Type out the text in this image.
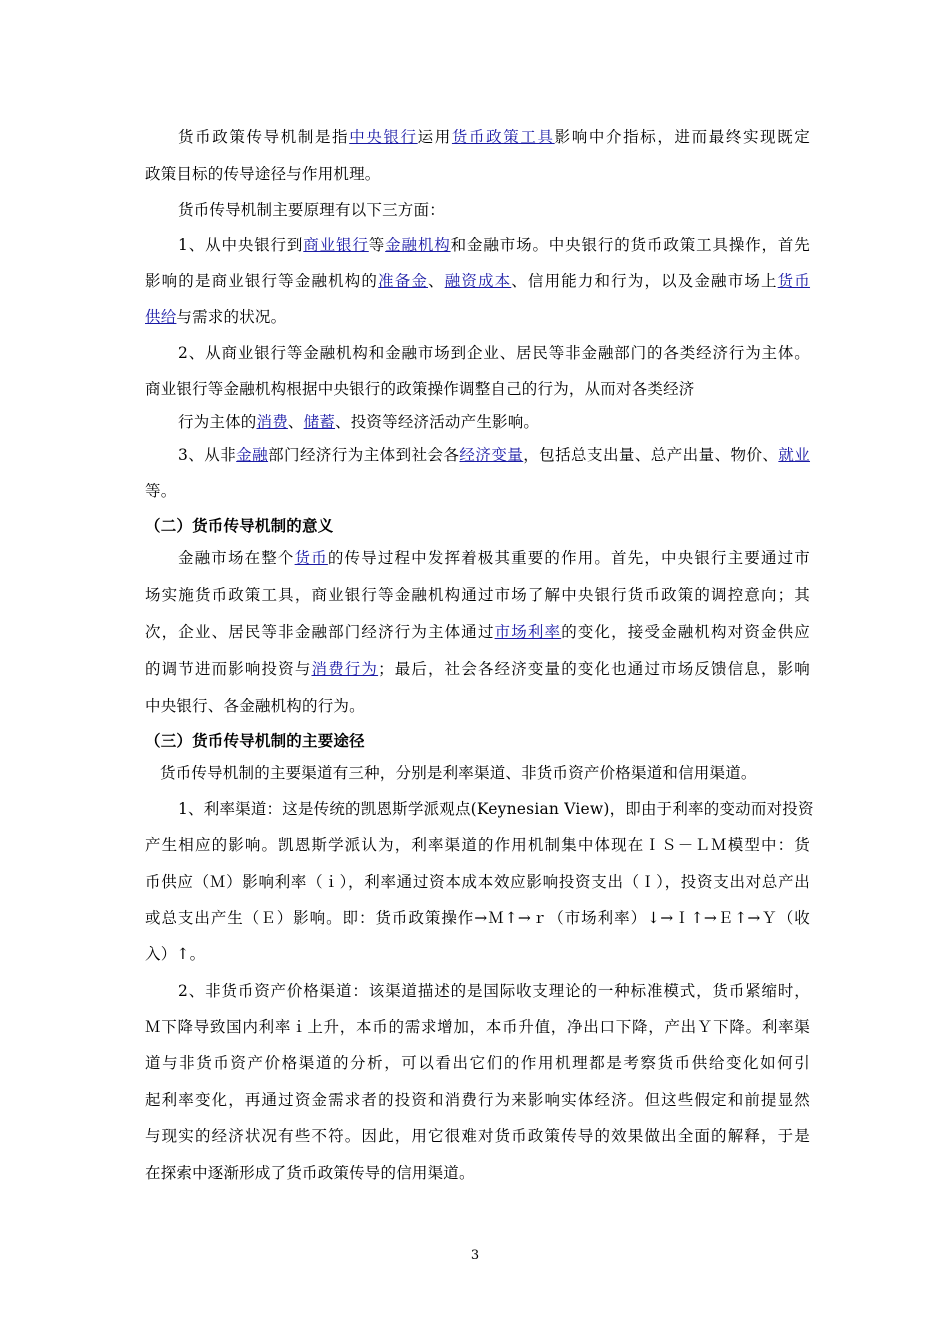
货币政策传导机制是指中央银行运用货币政策工具影响中介指标，进而最终实现既定
政策目标的传导途径与作用机理。
货币传导机制主要原理有以下三方面：
1、从中央银行到商业银行等金融机构和金融市场。中央银行的货币政策工具操作，首先
影响的是商业银行等金融机构的准备金、融资成本、信用能力和行为，以及金融市场上货币
供给与需求的状况。
2、从商业银行等金融机构和金融市场到企业、居民等非金融部门的各类经济行为主体。
商业银行等金融机构根据中央银行的政策操作调整自己的行为，从而对各类经济
行为主体的消费、储蓄、投资等经济活动产生影响。
3、从非金融部门经济行为主体到社会各经济变量，包括总支出量、总产出量、物价、就业
等。
（二）货币传导机制的意义
金融市场在整个货币的传导过程中发挥着极其重要的作用。首先，中央银行主要通过市
场实施货币政策工具，商业银行等金融机构通过市场了解中央银行货币政策的调控意向；其
次，企业、居民等非金融部门经济行为主体通过市场利率的变化，接受金融机构对资金供应
的调节进而影响投资与消费行为；最后，社会各经济变量的变化也通过市场反馈信息，影响
中央银行、各金融机构的行为。
（三）货币传导机制的主要途径
货币传导机制的主要渠道有三种，分别是利率渠道、非货币资产价格渠道和信用渠道。
1、利率渠道：这是传统的凯恩斯学派观点(Keynesian View)，即由于利率的变动而对投资
产生相应的影响。凯恩斯学派认为，利率渠道的作用机制集中体现在ＩＳ－ＬＭ模型中：货
币供应（Ｍ）影响利率（ｉ），利率通过资本成本效应影响投资支出（Ｉ），投资支出对总产出
或总支出产生（Ｅ）影响。即：货币政策操作→Ｍ↑→ｒ（市场利率）↓→Ｉ↑→Ｅ↑→Ｙ（收
入）↑。
2、非货币资产价格渠道：该渠道描述的是国际收支理论的一种标准模式，货币紧缩时，
Ｍ下降导致国内利率ｉ上升，本币的需求增加，本币升值，净出口下降，产出Ｙ下降。利率渠
道与非货币资产价格渠道的分析，可以看出它们的作用机理都是考察货币供给变化如何引
起利率变化，再通过资金需求者的投资和消费行为来影响实体经济。但这些假定和前提显然
与现实的经济状况有些不符。因此，用它很难对货币政策传导的效果做出全面的解释，于是
在探索中逐渐形成了货币政策传导的信用渠道。
3
